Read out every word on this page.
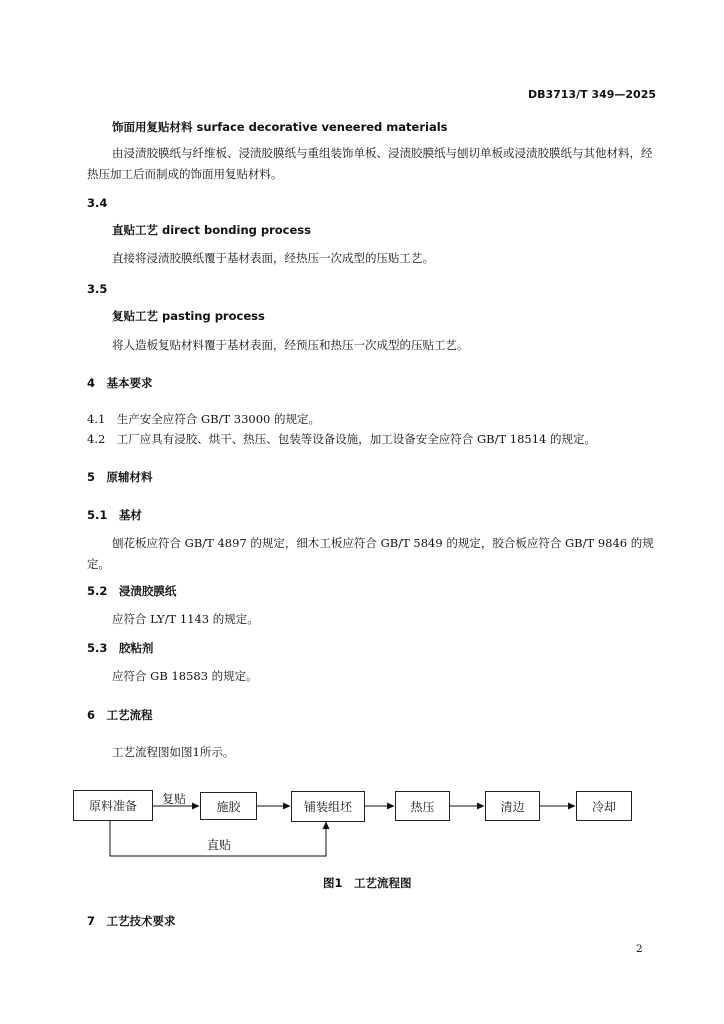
DB3713/T 349—2025
饰面用复贴材料 surface decorative veneered materials
由浸渍胶膜纸与纤维板、浸渍胶膜纸与重组装饰单板、浸渍胶膜纸与刨切单板或浸渍胶膜纸与其他材料，经热压加工后而制成的饰面用复贴材料。
3.4
直贴工艺 direct bonding process
直接将浸渍胶膜纸覆于基材表面，经热压一次成型的压贴工艺。
3.5
复贴工艺 pasting process
将人造板复贴材料覆于基材表面，经预压和热压一次成型的压贴工艺。
4　基本要求
4.1　生产安全应符合 GB/T 33000 的规定。
4.2　工厂应具有浸胶、烘干、热压、包装等设备设施，加工设备安全应符合 GB/T 18514 的规定。
5　原辅材料
5.1　基材
刨花板应符合 GB/T 4897 的规定，细木工板应符合 GB/T 5849 的规定，胶合板应符合 GB/T 9846 的规定。
5.2　浸渍胶膜纸
应符合 LY/T 1143 的规定。
5.3　胶粘剂
应符合 GB 18583 的规定。
6　工艺流程
工艺流程图如图1所示。
原料准备	施胶	铺装组坯	热压	清边	冷却
复贴
直贴
图1　工艺流程图
7　工艺技术要求
2
